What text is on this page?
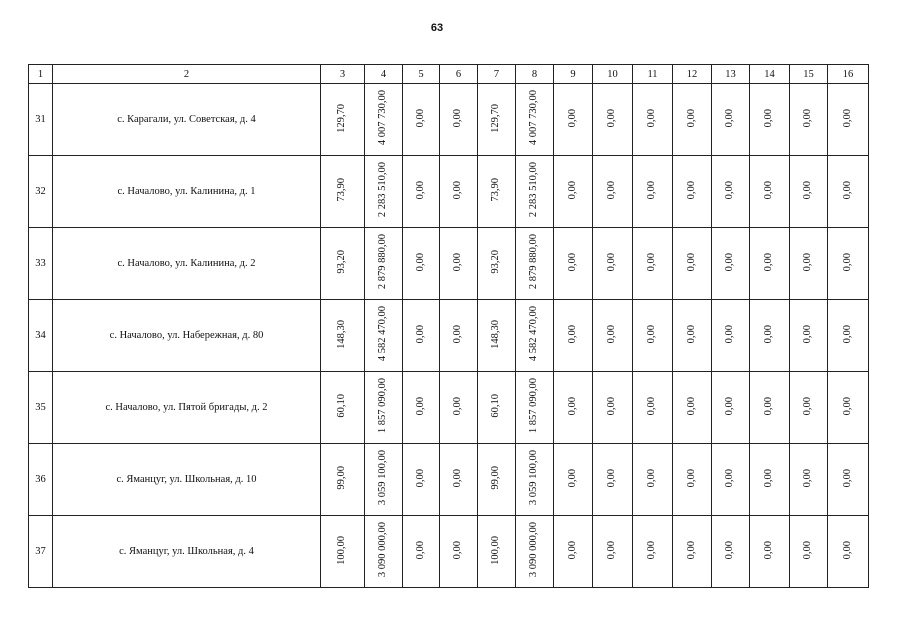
63
1	2	3	4	5	6	7	8	9	10	11	12	13	14	15	16
31	с. Карагали, ул. Советская, д. 4	129,70	4 007 730,00	0,00	0,00	129,70	4 007 730,00	0,00	0,00	0,00	0,00	0,00	0,00	0,00	0,00
32	с. Началово, ул. Калинина, д. 1	73,90	2 283 510,00	0,00	0,00	73,90	2 283 510,00	0,00	0,00	0,00	0,00	0,00	0,00	0,00	0,00
33	с. Началово, ул. Калинина, д. 2	93,20	2 879 880,00	0,00	0,00	93,20	2 879 880,00	0,00	0,00	0,00	0,00	0,00	0,00	0,00	0,00
34	с. Началово, ул. Набережная, д. 80	148,30	4 582 470,00	0,00	0,00	148,30	4 582 470,00	0,00	0,00	0,00	0,00	0,00	0,00	0,00	0,00
35	с. Началово, ул. Пятой бригады, д. 2	60,10	1 857 090,00	0,00	0,00	60,10	1 857 090,00	0,00	0,00	0,00	0,00	0,00	0,00	0,00	0,00
36	с. Яманцуг, ул. Школьная, д. 10	99,00	3 059 100,00	0,00	0,00	99,00	3 059 100,00	0,00	0,00	0,00	0,00	0,00	0,00	0,00	0,00
37	с. Яманцуг, ул. Школьная, д. 4	100,00	3 090 000,00	0,00	0,00	100,00	3 090 000,00	0,00	0,00	0,00	0,00	0,00	0,00	0,00	0,00
